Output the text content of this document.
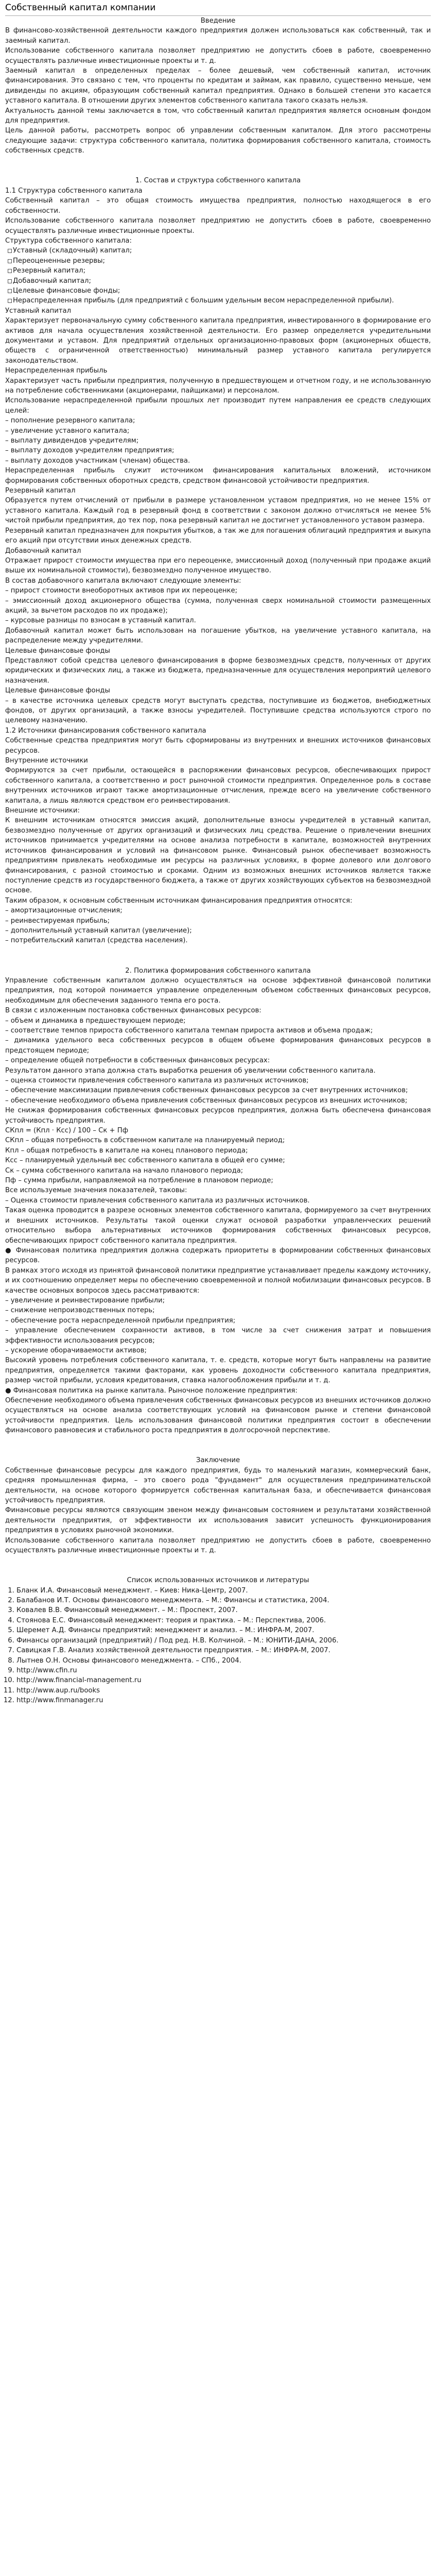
Собственный капитал компании
Введение

В финансово-хозяйственной деятельности каждого предприятия должен использоваться как собственный, так и заемный капитал.

Использование собственного капитала позволяет предприятию не допустить сбоев в работе, своевременно осуществлять различные инвестиционные проекты и т. д.

Заемный капитал в определенных пределах – более дешевый, чем собственный капитал, источник финансирования. Это связано с тем, что проценты по кредитам и займам, как правило, существенно меньше, чем дивиденды по акциям, образующим собственный капитал предприятия. Однако в большей степени это касается уставного капитала. В отношении других элементов собственного капитала такого сказать нельзя.

Актуальность данной темы заключается в том, что собственный капитал предприятия является основным фондом для предприятия.

Цель данной работы, рассмотреть вопрос об управлении собственным капиталом. Для этого рассмотрены следующие задачи: структура собственного капитала, политика формирования собственного капитала, стоимость собственных средств.

1. Состав и структура собственного капитала
1.1 Структура собственного капитала

Собственный капитал – это общая стоимость имущества предприятия, полностью находящегося в его собственности.

Использование собственного капитала позволяет предприятию не допустить сбоев в работе, своевременно осуществлять различные инвестиционные проекты.

Структура собственного капитала:

Уставный (складочный) капитал;
Переоцененные резервы;
Резервный капитал;
Добавочный капитал;
Целевые финансовые фонды;
Нераспределенная прибыль (для предприятий с большим удельным весом нераспределенной прибыли).

Уставный капитал

Характеризует первоначальную сумму собственного капитала предприятия, инвестированного в формирование его активов для начала осуществления хозяйственной деятельности. Его размер определяется учредительными документами и уставом. Для предприятий отдельных организационно-правовых форм (акционерных обществ, обществ с ограниченной ответственностью) минимальный размер уставного капитала регулируется законодательством.

Нераспределенная прибыль

Характеризует часть прибыли предприятия, полученную в предшествующем и отчетном году, и не использованную на потребление собственниками (акционерами, пайщиками) и персоналом.

Использование нераспределенной прибыли прошлых лет производит путем направления ее средств следующих целей:

– пополнение резервного капитала;

– увеличение уставного капитала;

– выплату дивидендов учредителям;

– выплату доходов учредителям предприятия;

– выплату доходов участникам (членам) общества.

Нераспределенная прибыль служит источником финансирования капитальных вложений, источником формирования собственных оборотных средств, средством финансовой устойчивости предприятия.

Резервный капитал

Образуется путем отчислений от прибыли в размере установленном уставом предприятия, но не менее 15% от уставного капитала. Каждый год в резервный фонд в соответствии с законом должно отчисляться не менее 5% чистой прибыли предприятия, до тех пор, пока резервный капитал не достигнет установленного уставом размера.

Резервный капитал предназначен для покрытия убытков, а так же для погашения облигаций предприятия и выкупа его акций при отсутствии иных денежных средств.

Добавочный капитал

Отражает прирост стоимости имущества при его переоценке, эмиссионный доход (полученный при продаже акций выше их номинальной стоимости), безвозмездно полученное имущество.

В состав добавочного капитала включают следующие элементы:

– прирост стоимости внеоборотных активов при их переоценке;

– эмиссионный доход акционерного общества (сумма, полученная сверх номинальной стоимости размещенных акций, за вычетом расходов по их продаже);

– курсовые разницы по взносам в уставный капитал.

Добавочный капитал может быть использован на погашение убытков, на увеличение уставного капитала, на распределение между учредителями.

Целевые финансовые фонды

Представляют собой средства целевого финансирования в форме безвозмездных средств, полученных от других юридических и физических лиц, а также из бюджета, предназначенные для осуществления мероприятий целевого назначения.

Целевые финансовые фонды

– в качестве источника целевых средств могут выступать средства, поступившие из бюджетов, внебюджетных фондов, от других организаций, а также взносы учредителей. Поступившие средства используются строго по целевому назначению.

1.2 Источники финансирования собственного капитала

Собственные средства предприятия могут быть сформированы из внутренних и внешних источников финансовых ресурсов.

Внутренние источники

Формируются за счет прибыли, остающейся в распоряжении финансовых ресурсов, обеспечивающих прирост собственного капитала, а соответственно и рост рыночной стоимости предприятия. Определенное роль в составе внутренних источников играют также амортизационные отчисления, прежде всего на увеличение собственного капитала, а лишь являются средством его реинвестирования.

Внешние источники:

К внешним источникам относятся эмиссия акций, дополнительные взносы учредителей в уставный капитал, безвозмездно полученные от других организаций и физических лиц средства. Решение о привлечении внешних источников принимается учредителями на основе анализа потребности в капитале, возможностей внутренних источников финансирования и условий на финансовом рынке. Финансовый рынок обеспечивает возможность предприятиям привлекать необходимые им ресурсы на различных условиях, в форме долевого или долгового финансирования, с разной стоимостью и сроками. Одним из возможных внешних источников является также поступление средств из государственного бюджета, а также от других хозяйствующих субъектов на безвозмездной основе.

Таким образом, к основным собственным источникам финансирования предприятия относятся:

– амортизационные отчисления;

– реинвестируемая прибыль;

– дополнительный уставный капитал (увеличение);

– потребительский капитал (средства населения).

2. Политика формирования собственного капитала

Управление собственным капиталом должно осуществляться на основе эффективной финансовой политики предприятия, под которой понимается управление определенным объемом собственных финансовых ресурсов, необходимым для обеспечения заданного темпа его роста.

В связи с изложенным постановка собственных финансовых ресурсов:

– объем и динамика в предшествующем периоде;

– соответствие темпов прироста собственного капитала темпам прироста активов и объема продаж;

– динамика удельного веса собственных ресурсов в общем объеме формирования финансовых ресурсов в предстоящем периоде;

– определение общей потребности в собственных финансовых ресурсах:

Результатом данного этапа должна стать выработка решения об увеличении собственного капитала.

– оценка стоимости привлечения собственного капитала из различных источников;

– обеспечение максимизации привлечения собственных финансовых ресурсов за счет внутренних источников;

– обеспечение необходимого объема привлечения собственных финансовых ресурсов из внешних источников;

Не снижая формирования собственных финансовых ресурсов предприятия, должна быть обеспечена финансовая устойчивость предприятия.

СКпл = (Кпл · Ксс) / 100 – Ск + Пф

СКпл – общая потребность в собственном капитале на планируемый период;

Кпл – общая потребность в капитале на конец планового периода;

Ксс – планируемый удельный вес собственного капитала в общей его сумме;

Ск – сумма собственного капитала на начало планового периода;

Пф – сумма прибыли, направляемой на потребление в плановом периоде;

Все используемые значения показателей, таковы:

– Оценка стоимости привлечения собственного капитала из различных источников.

Такая оценка проводится в разрезе основных элементов собственного капитала, формируемого за счет внутренних и внешних источников. Результаты такой оценки служат основой разработки управленческих решений относительно выбора альтернативных источников формирования собственных финансовых ресурсов, обеспечивающих прирост собственного капитала предприятия.

● Финансовая политика предприятия должна содержать приоритеты в формировании собственных финансовых ресурсов.

В рамках этого исходя из принятой финансовой политики предприятие устанавливает пределы каждому источнику, и их соотношению определяет меры по обеспечению своевременной и полной мобилизации финансовых ресурсов. В качестве основных вопросов здесь рассматриваются:

– увеличение и реинвестирование прибыли;

– снижение непроизводственных потерь;

– обеспечение роста нераспределенной прибыли предприятия;

– управление обеспечением сохранности активов, в том числе за счет снижения затрат и повышения эффективности использования ресурсов;

– ускорение оборачиваемости активов;

Высокий уровень потребления собственного капитала, т. е. средств, которые могут быть направлены на развитие предприятия, определяется такими факторами, как уровень доходности собственного капитала предприятия, размер чистой прибыли, условия кредитования, ставка налогообложения прибыли и т. д.

● Финансовая политика на рынке капитала. Рыночное положение предприятия:

Обеспечение необходимого объема привлечения собственных финансовых ресурсов из внешних источников должно осуществляться на основе анализа соответствующих условий на финансовом рынке и степени финансовой устойчивости предприятия. Цель использования финансовой политики предприятия состоит в обеспечении финансового равновесия и стабильного роста предприятия в долгосрочной перспективе.

Заключение

Собственные финансовые ресурсы для каждого предприятия, будь то маленький магазин, коммерческий банк, средняя промышленная фирма, – это своего рода "фундамент" для осуществления предпринимательской деятельности, на основе которого формируется собственная капитальная база, и обеспечивается финансовая устойчивость предприятия.

Финансовые ресурсы являются связующим звеном между финансовым состоянием и результатами хозяйственной деятельности предприятия, от эффективности их использования зависит успешность функционирования предприятия в условиях рыночной экономики.

Использование собственного капитала позволяет предприятию не допустить сбоев в работе, своевременно осуществлять различные инвестиционные проекты и т. д.

Список использованных источников и литературы
1. Бланк И.А. Финансовый менеджмент. – Киев: Ника-Центр, 2007.
2. Балабанов И.Т. Основы финансового менеджмента. – М.: Финансы и статистика, 2004.
3. Ковалев В.В. Финансовый менеджмент. – М.: Проспект, 2007.
4. Стоянова Е.С. Финансовый менеджмент: теория и практика. – М.: Перспектива, 2006.
5. Шеремет А.Д. Финансы предприятий: менеджмент и анализ. – М.: ИНФРА-М, 2007.
6. Финансы организаций (предприятий) / Под ред. Н.В. Колчиной. – М.: ЮНИТИ-ДАНА, 2006.
7. Савицкая Г.В. Анализ хозяйственной деятельности предприятия. – М.: ИНФРА-М, 2007.
8. Лытнев О.Н. Основы финансового менеджмента. – СПб., 2004.
9. http://www.cfin.ru
10. http://www.financial-management.ru
11. http://www.aup.ru/books
12. http://www.finmanager.ru
